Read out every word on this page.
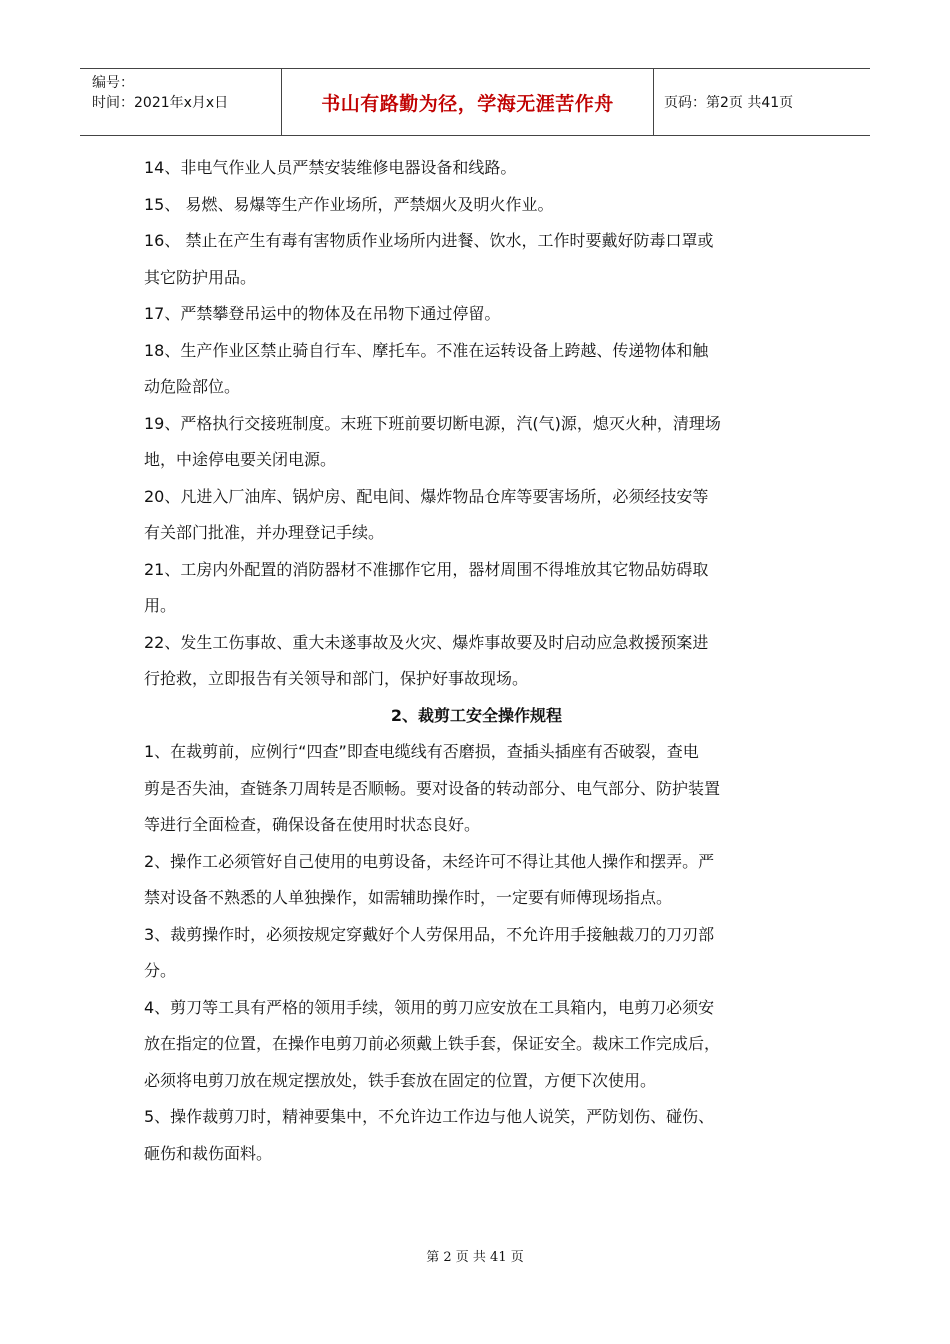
编号：
时间：2021年x月x日	书山有路勤为径，学海无涯苦作舟	页码：第2页 共41页

14、非电气作业人员严禁安装维修电器设备和线路。

15、 易燃、易爆等生产作业场所，严禁烟火及明火作业。

16、 禁止在产生有毒有害物质作业场所内进餐、饮水，工作时要戴好防毒口罩或

其它防护用品。

17、严禁攀登吊运中的物体及在吊物下通过停留。

18、生产作业区禁止骑自行车、摩托车。不准在运转设备上跨越、传递物体和触

动危险部位。

19、严格执行交接班制度。末班下班前要切断电源，汽(气)源，熄灭火种，清理场

地，中途停电要关闭电源。

20、凡进入厂油库、锅炉房、配电间、爆炸物品仓库等要害场所，必须经技安等

有关部门批准，并办理登记手续。

21、工房内外配置的消防器材不准挪作它用，器材周围不得堆放其它物品妨碍取

用。

22、发生工伤事故、重大未遂事故及火灾、爆炸事故要及时启动应急救援预案进

行抢救，立即报告有关领导和部门，保护好事故现场。

2、裁剪工安全操作规程

1、在裁剪前，应例行“四查”即查电缆线有否磨损，查插头插座有否破裂，查电

剪是否失油，查链条刀周转是否顺畅。要对设备的转动部分、电气部分、防护装置

等进行全面检查，确保设备在使用时状态良好。

2、操作工必须管好自己使用的电剪设备，未经许可不得让其他人操作和摆弄。严

禁对设备不熟悉的人单独操作，如需辅助操作时，一定要有师傅现场指点。

3、裁剪操作时，必须按规定穿戴好个人劳保用品，不允许用手接触裁刀的刀刃部

分。

4、剪刀等工具有严格的领用手续，领用的剪刀应安放在工具箱内，电剪刀必须安

放在指定的位置，在操作电剪刀前必须戴上铁手套，保证安全。裁床工作完成后，

必须将电剪刀放在规定摆放处，铁手套放在固定的位置，方便下次使用。

5、操作裁剪刀时，精神要集中，不允许边工作边与他人说笑，严防划伤、碰伤、

砸伤和裁伤面料。

第 2 页 共 41 页
